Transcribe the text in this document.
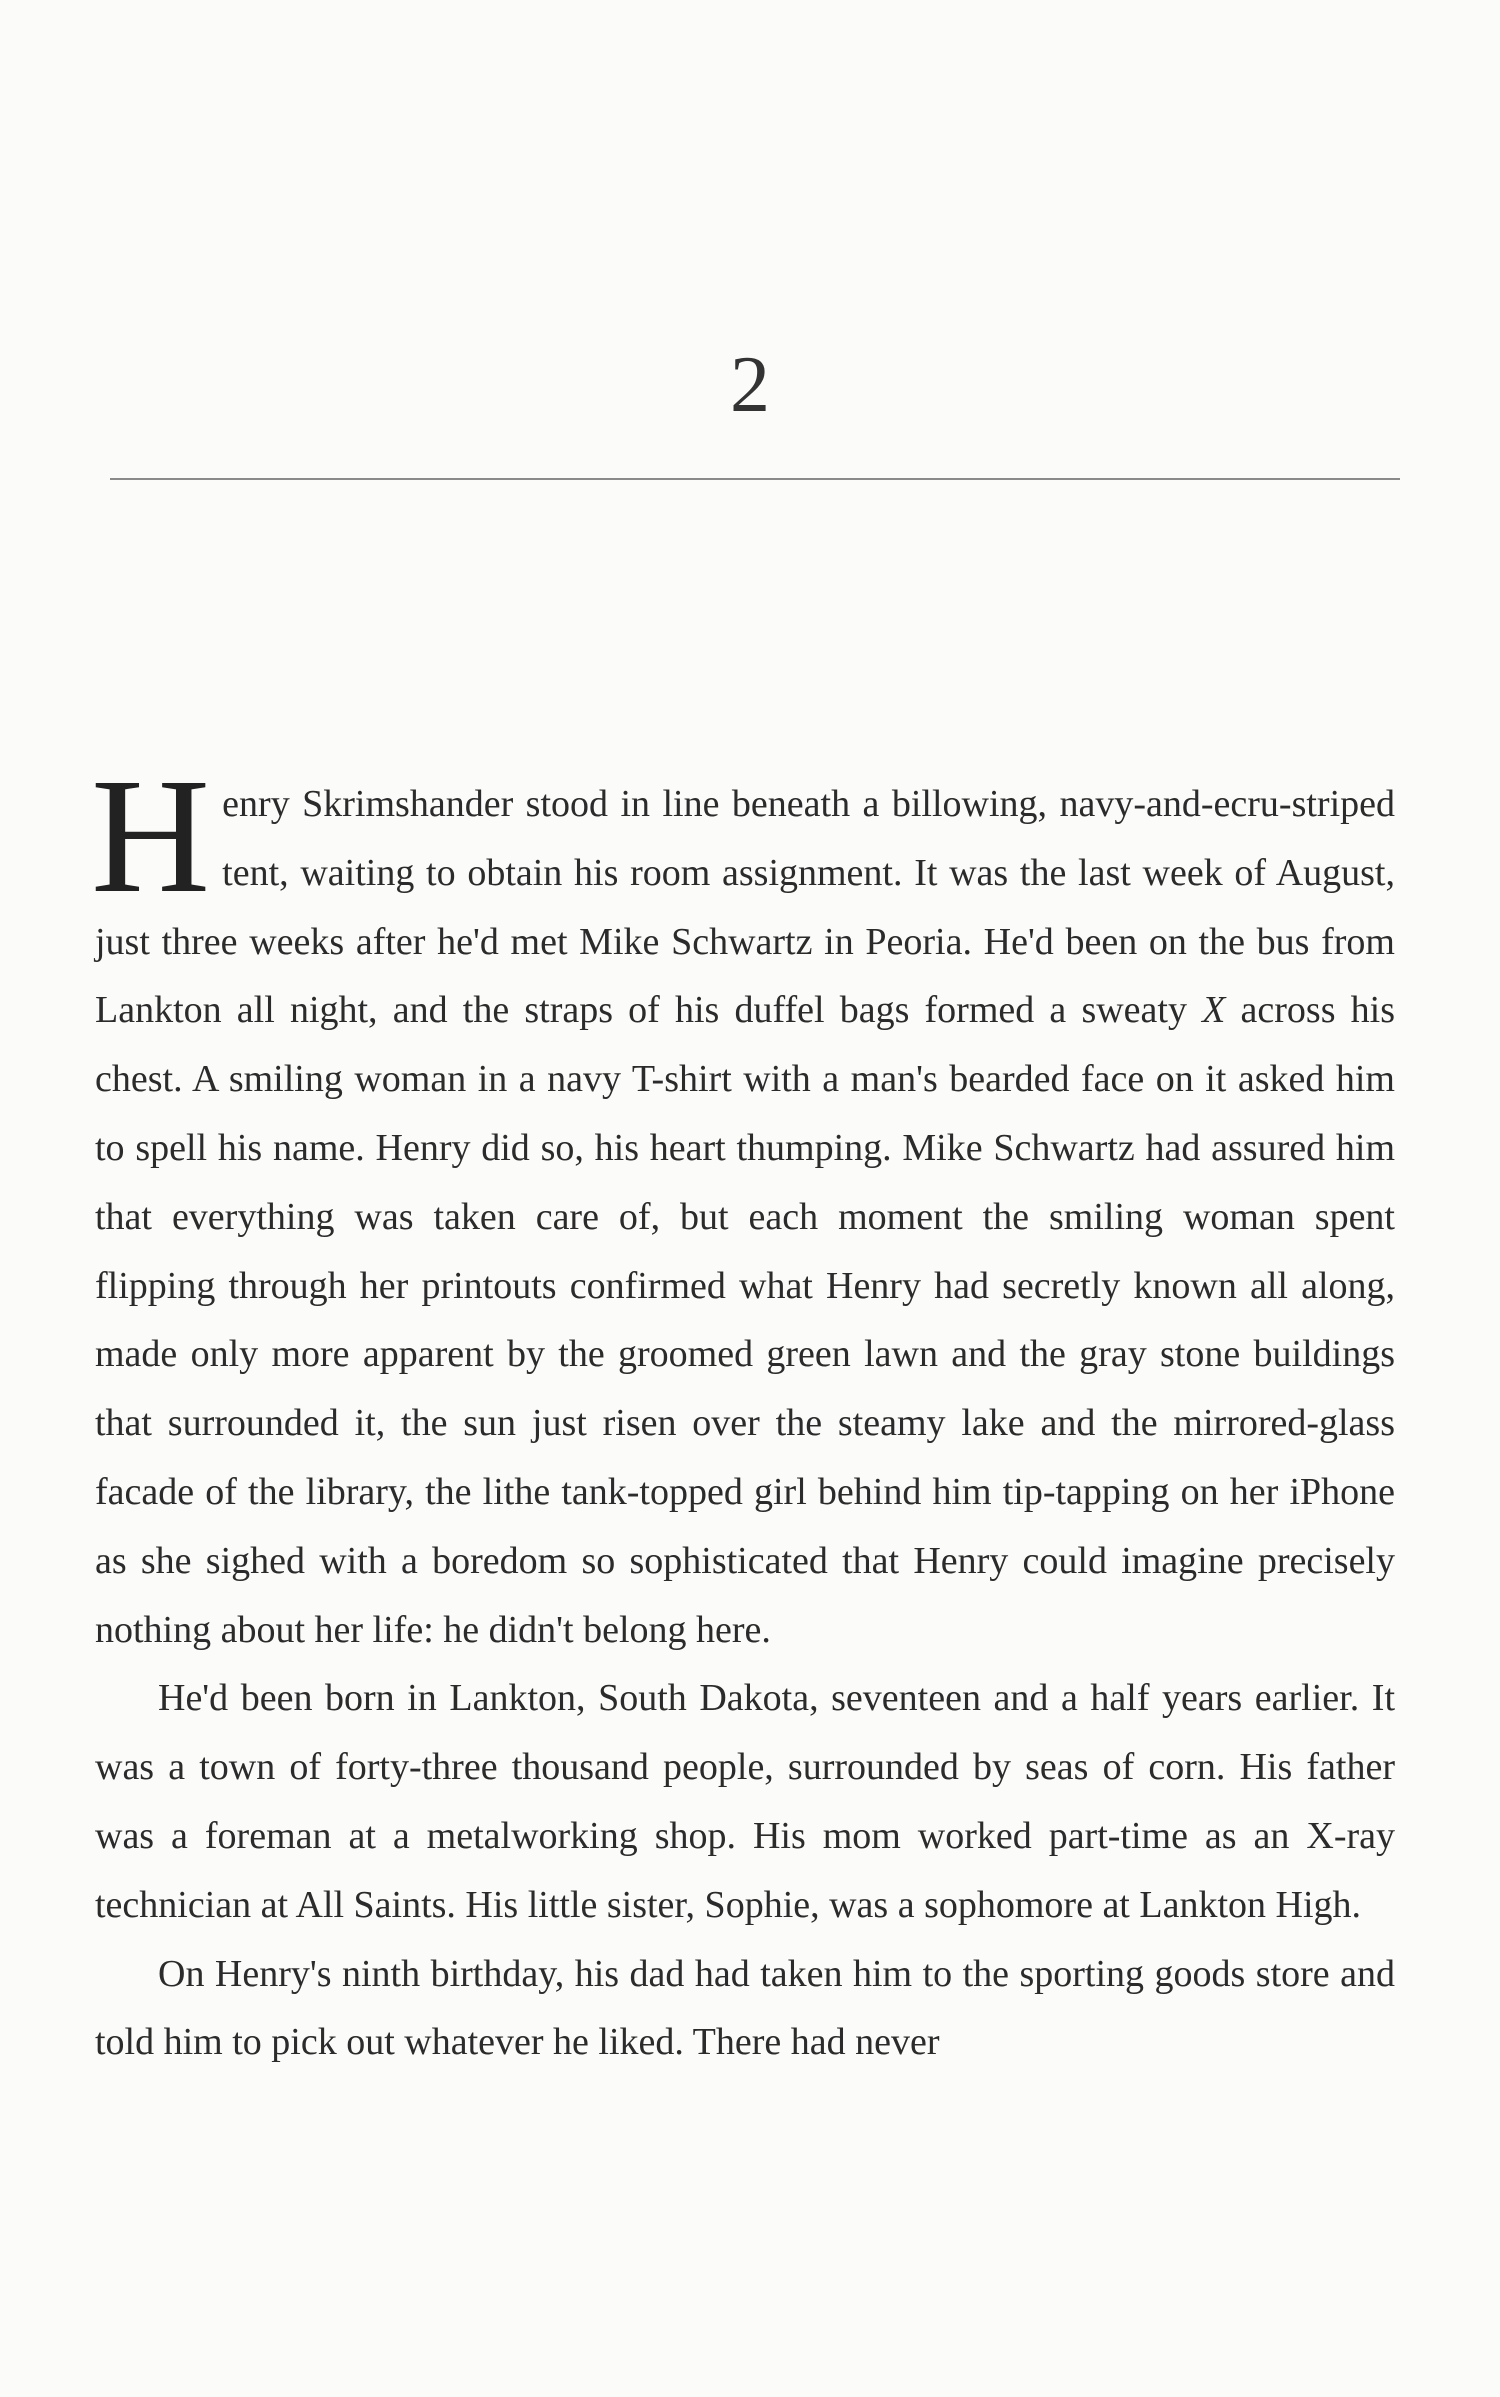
2

Henry Skrimshander stood in line beneath a billowing, navy-and-ecru-striped tent, waiting to obtain his room assignment. It was the last week of August, just three weeks after he'd met Mike Schwartz in Peoria. He'd been on the bus from Lankton all night, and the straps of his duffel bags formed a sweaty X across his chest. A smiling woman in a navy T-shirt with a man's bearded face on it asked him to spell his name. Henry did so, his heart thumping. Mike Schwartz had assured him that everything was taken care of, but each moment the smiling woman spent flipping through her printouts confirmed what Henry had secretly known all along, made only more apparent by the groomed green lawn and the gray stone buildings that surrounded it, the sun just risen over the steamy lake and the mirrored-glass facade of the library, the lithe tank-topped girl behind him tip-tapping on her iPhone as she sighed with a boredom so sophisticated that Henry could imagine precisely nothing about her life: he didn't belong here.

He'd been born in Lankton, South Dakota, seventeen and a half years earlier. It was a town of forty-three thousand people, surrounded by seas of corn. His father was a foreman at a metalworking shop. His mom worked part-time as an X-ray technician at All Saints. His little sister, Sophie, was a sophomore at Lankton High.

On Henry's ninth birthday, his dad had taken him to the sporting goods store and told him to pick out whatever he liked. There had never
